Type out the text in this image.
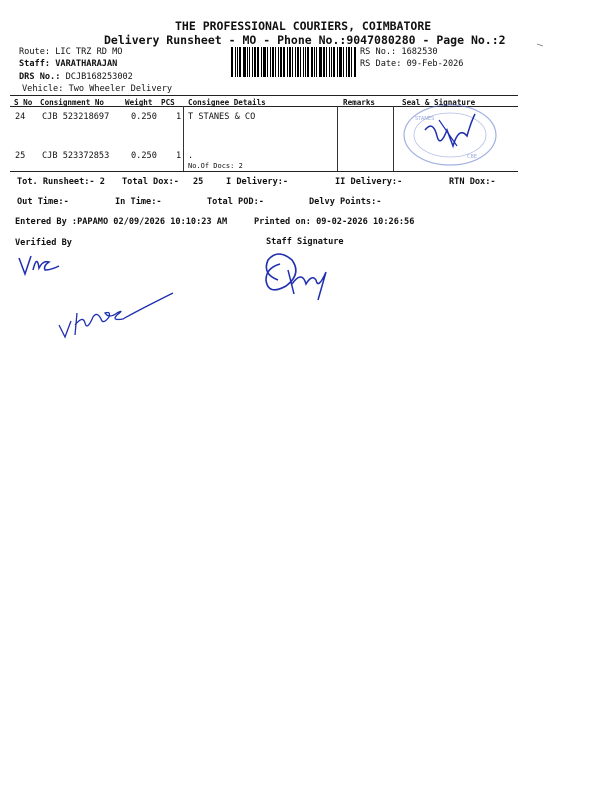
THE PROFESSIONAL COURIERS, COIMBATORE
Delivery Runsheet - MO - Phone No.:9047080280 - Page No.:2
Route: LIC TRZ RD MO
Staff: VARATHARAJAN
DRS No.: DCJB168253002
Vehicle: Two Wheeler Delivery
RS No.: 1682530
RS Date: 09-Feb-2026
S No Consignment No	Weight PCS Consignee Details	Remarks	Seal & Signature
24 CJB 523218697	0.250 1 T STANES & CO
25 CJB 523372853	0.250 1 .
No.Of Docs: 2
STANES
CBE
Tot. Runsheet:- 2 Total Dox:- 25	I Delivery:-	II Delivery:-	RTN Dox:-
Out Time:-	In Time:-	Total POD:-	Delvy Points:-
Entered By :PAPAMO 02/09/2026 10:10:23 AM	Printed on: 09-02-2026 10:26:56
Verified By	Staff Signature
